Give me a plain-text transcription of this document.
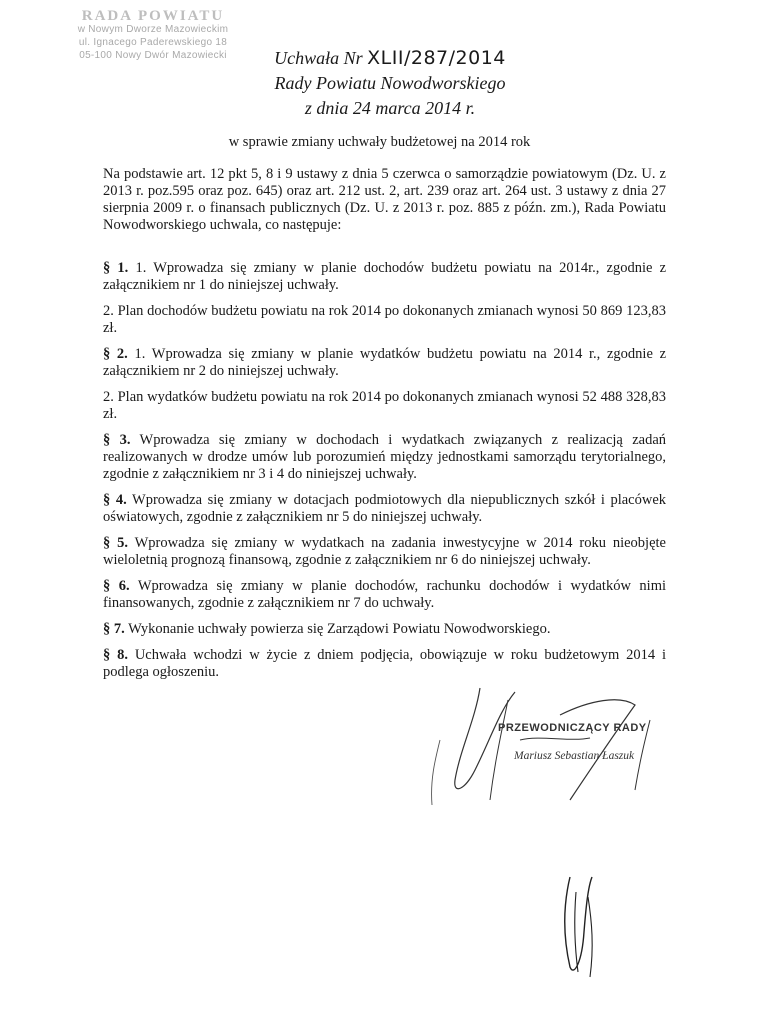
RADA POWIATU
w Nowym Dworze Mazowieckim
ul. Ignacego Paderewskiego 18
05-100 Nowy Dwór Mazowiecki	Uchwała Nr XLII/287/2014
Rady Powiatu Nowodworskiego
z dnia 24 marca 2014 r.
w sprawie zmiany uchwały budżetowej na 2014 rok

Na podstawie art. 12 pkt 5, 8 i 9 ustawy z dnia 5 czerwca o samorządzie powiatowym (Dz. U. z 2013 r. poz.595 oraz poz. 645) oraz art. 212 ust. 2, art. 239 oraz art. 264 ust. 3 ustawy z dnia 27 sierpnia 2009 r. o finansach publicznych (Dz. U. z 2013 r. poz. 885 z późn. zm.), Rada Powiatu Nowodworskiego uchwala, co następuje:

§ 1. 1. Wprowadza się zmiany w planie dochodów budżetu powiatu na 2014r., zgodnie z załącznikiem nr 1 do niniejszej uchwały.

2. Plan dochodów budżetu powiatu na rok 2014 po dokonanych zmianach wynosi 50 869 123,83 zł.

§ 2. 1. Wprowadza się zmiany w planie wydatków budżetu powiatu na 2014 r., zgodnie z załącznikiem nr 2 do niniejszej uchwały.

2. Plan wydatków budżetu powiatu na rok 2014 po dokonanych zmianach wynosi 52 488 328,83 zł.

§ 3. Wprowadza się zmiany w dochodach i wydatkach związanych z realizacją zadań realizowanych w drodze umów lub porozumień między jednostkami samorządu terytorialnego, zgodnie z załącznikiem nr 3 i 4 do niniejszej uchwały.

§ 4. Wprowadza się zmiany w dotacjach podmiotowych dla niepublicznych szkół i placówek oświatowych, zgodnie z załącznikiem nr 5 do niniejszej uchwały.

§ 5. Wprowadza się zmiany w wydatkach na zadania inwestycyjne w 2014 roku nieobjęte wieloletnią prognozą finansową, zgodnie z załącznikiem nr 6 do niniejszej uchwały.

§ 6. Wprowadza się zmiany w planie dochodów, rachunku dochodów i wydatków nimi finansowanych, zgodnie z załącznikiem nr 7 do uchwały.

§ 7. Wykonanie uchwały powierza się Zarządowi Powiatu Nowodworskiego.

§ 8. Uchwała wchodzi w życie z dniem podjęcia, obowiązuje w roku budżetowym 2014 i podlega ogłoszeniu.

PRZEWODNICZĄCY RADY
Mariusz Sebastian Łaszuk
